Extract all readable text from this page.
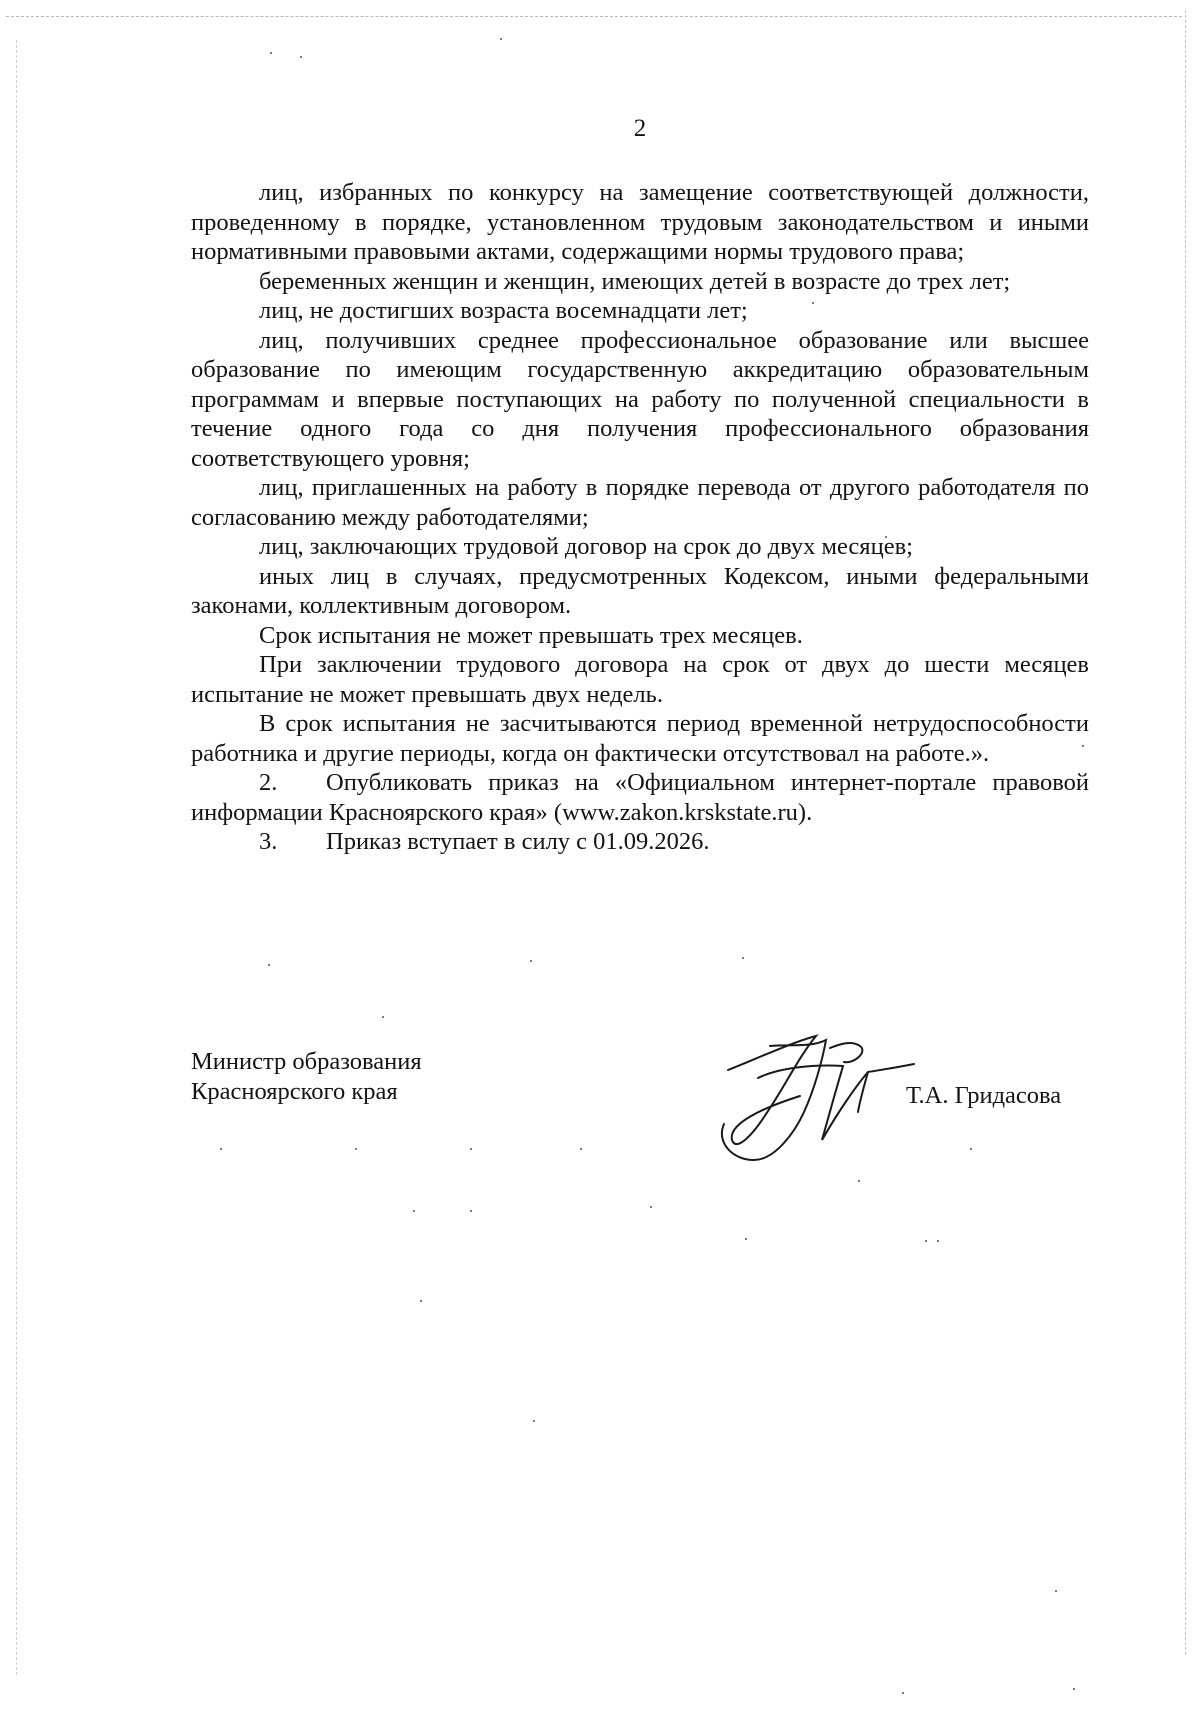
2

лиц, избранных по конкурсу на замещение соответствующей должности, проведенному в порядке, установленном трудовым законодательством и иными нормативными правовыми актами, содержащими нормы трудового права;

беременных женщин и женщин, имеющих детей в возрасте до трех лет;

лиц, не достигших возраста восемнадцати лет;

лиц, получивших среднее профессиональное образование или высшее образование по имеющим государственную аккредитацию образовательным программам и впервые поступающих на работу по полученной специальности в течение одного года со дня получения профессионального образования соответствующего уровня;

лиц, приглашенных на работу в порядке перевода от другого работодателя по согласованию между работодателями;

лиц, заключающих трудовой договор на срок до двух месяцев;

иных лиц в случаях, предусмотренных Кодексом, иными федеральными законами, коллективным договором.

Срок испытания не может превышать трех месяцев.

При заключении трудового договора на срок от двух до шести месяцев испытание не может превышать двух недель.

В срок испытания не засчитываются период временной нетрудоспособности работника и другие периоды, когда он фактически отсутствовал на работе.».

2. Опубликовать приказ на «Официальном интернет-портале правовой информации Красноярского края» (www.zakon.krskstate.ru).

3. Приказ вступает в силу с 01.09.2026.

Министр образования
Красноярского края	Т.А. Гридасова
